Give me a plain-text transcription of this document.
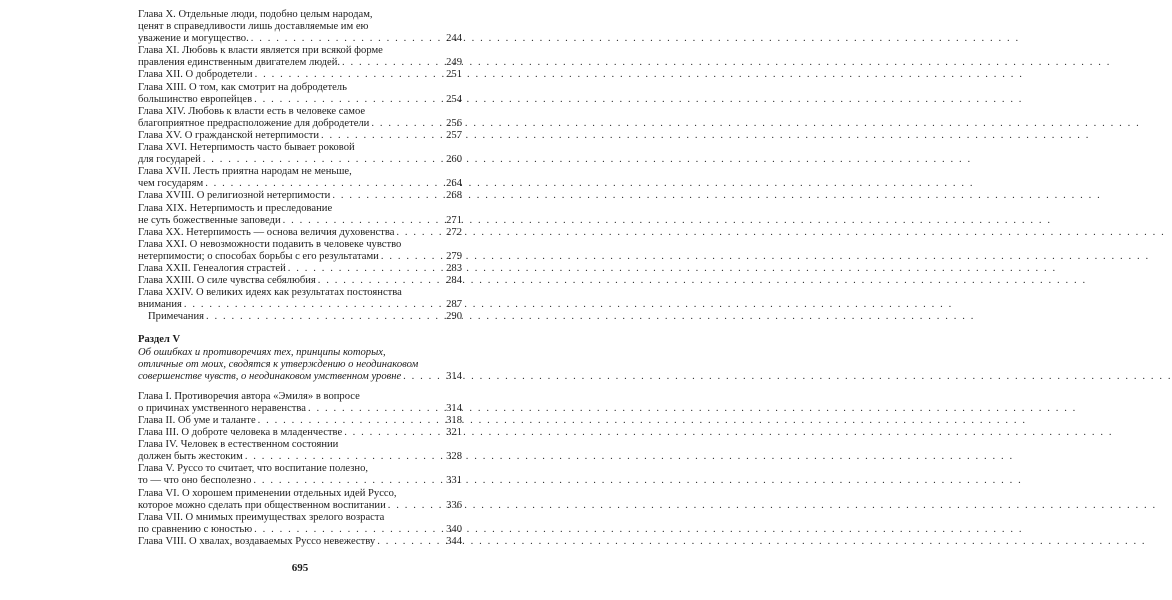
Глава X. Отдельные люди, подобно целым народам,
ценят в справедливости лишь доставляемые им ею
уважение и могущество. . . .	244
Глава XI. Любовь к власти является при всякой форме
правления единственным двигателем людей. . . .	249
Глава XII. О добродетели . . .	251
Глава XIII. О том, как смотрит на добродетель
большинство европейцев . . .	254
Глава XIV. Любовь к власти есть в человеке самое
благоприятное предрасположение для добродетели . . .	256
Глава XV. О гражданской нетерпимости . . .	257
Глава XVI. Нетерпимость часто бывает роковой
для государей . . .	260
Глава XVII. Лесть приятна народам не меньше,
чем государям . . .	264
Глава XVIII. О религиозной нетерпимости . . .	268
Глава XIX. Нетерпимость и преследование
не суть божественные заповеди . . .	271
Глава XX. Нетерпимость — основа величия духовенства . . .	272
Глава XXI. О невозможности подавить в человеке чувство
нетерпимости; о способах борьбы с его результатами . . .	279
Глава XXII. Генеалогия страстей . . .	283
Глава XXIII. О силе чувства себялюбия . . .	284
Глава XXIV. О великих идеях как результатах постоянства
внимания . . .	287
Примечания . . .	290
Раздел V
Об ошибках и противоречиях тех, принципы которых,
отличные от моих, сводятся к утверждению о неодинаковом
совершенстве чувств, о неодинаковом умственном уровне . . .	314
Глава I. Противоречия автора «Эмиля» в вопросе
о причинах умственного неравенства . . .	314
Глава II. Об уме и таланте . . .	318
Глава III. О доброте человека в младенчестве . . .	321
Глава IV. Человек в естественном состоянии
должен быть жестоким . . .	328
Глава V. Руссо то считает, что воспитание полезно,
то — что оно бесполезно . . .	331
Глава VI. О хорошем применении отдельных идей Руссо,
которое можно сделать при общественном воспитании . . .	336
Глава VII. О мнимых преимуществах зрелого возраста
по сравнению с юностью . . .	340
Глава VIII. О хвалах, воздаваемых Руссо невежеству . . .	344
695
